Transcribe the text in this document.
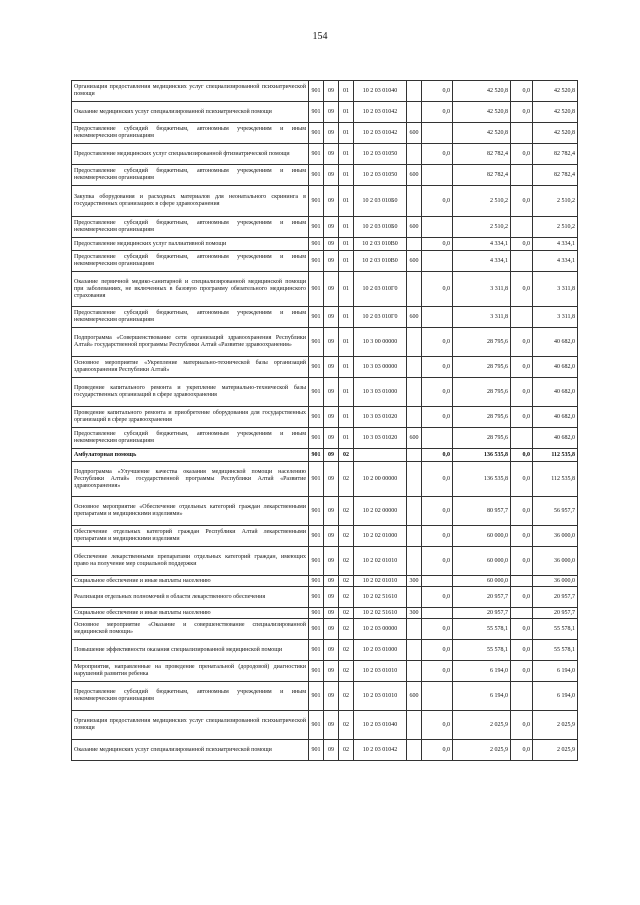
154
Организация предоставления медицинских услуг специализированной психиатрической помощи	901	09	01	10 2 03 01040		0,0	42 520,8	0,0	42 520,8
Оказание медицинских услуг специализированной психиатрической помощи	901	09	01	10 2 03 01042		0,0	42 520,8	0,0	42 520,8
Предоставление субсидий бюджетным, автономным учреждениям и иным некоммерческим организациям	901	09	01	10 2 03 01042	600		42 520,8		42 520,8
Предоставление медицинских услуг специализированной фтизиатрической помощи	901	09	01	10 2 03 01050		0,0	82 782,4	0,0	82 782,4
Предоставление субсидий бюджетным, автономным учреждениям и иным некоммерческим организациям	901	09	01	10 2 03 01050	600		82 782,4		82 782,4
Закупка оборудования и расходных материалов для неонатального скрининга в государственных организациях в сфере здравоохранения	901	09	01	10 2 03 010Б0		0,0	2 510,2	0,0	2 510,2
Предоставление субсидий бюджетным, автономным учреждениям и иным некоммерческим организациям	901	09	01	10 2 03 010Б0	600		2 510,2		2 510,2
Предоставление медицинских услуг паллиативной помощи	901	09	01	10 2 03 010В0		0,0	4 334,1	0,0	4 334,1
Предоставление субсидий бюджетным, автономным учреждениям и иным некоммерческим организациям	901	09	01	10 2 03 010В0	600		4 334,1		4 334,1
Оказание первичной медико-санитарной и специализированной медицинской помощи при заболеваниях, не включенных в базовую программу обязательного медицинского страхования	901	09	01	10 2 03 010Г0		0,0	3 311,8	0,0	3 311,8
Предоставление субсидий бюджетным, автономным учреждениям и иным некоммерческим организациям	901	09	01	10 2 03 010Г0	600		3 311,8		3 311,8
Подпрограмма «Совершенствование сети организаций здравоохранения Республики Алтай» государственной программы Республики Алтай «Развитие здравоохранения»	901	09	01	10 3 00 00000		0,0	28 795,6	0,0	40 682,0
Основное мероприятие «Укрепление материально-технической базы организаций здравоохранения Республики Алтай»	901	09	01	10 3 03 00000		0,0	28 795,6	0,0	40 682,0
Проведение капитального ремонта и укрепление материально-технической базы государственных организаций в сфере здравоохранения	901	09	01	10 3 03 01000		0,0	28 795,6	0,0	40 682,0
Проведение капитального ремонта и приобретение оборудования для государственных организаций в сфере здравоохранения	901	09	01	10 3 03 01020		0,0	28 795,6	0,0	40 682,0
Предоставление субсидий бюджетным, автономным учреждениям и иным некоммерческим организациям	901	09	01	10 3 03 01020	600		28 795,6		40 682,0
Амбулаторная помощь	901	09	02			0,0	136 535,8	0,0	112 535,8
Подпрограмма «Улучшение качества оказания медицинской помощи населению Республики Алтай» государственной программы Республики Алтай «Развитие здравоохранения»	901	09	02	10 2 00 00000		0,0	136 535,8	0,0	112 535,8
Основное мероприятие «Обеспечение отдельных категорий граждан лекарственными препаратами и медицинскими изделиями»	901	09	02	10 2 02 00000		0,0	80 957,7	0,0	56 957,7
Обеспечение отдельных категорий граждан Республики Алтай лекарственными препаратами и медицинскими изделиями	901	09	02	10 2 02 01000		0,0	60 000,0	0,0	36 000,0
Обеспечение лекарственными препаратами отдельных категорий граждан, имеющих право на получение мер социальной поддержки	901	09	02	10 2 02 01010		0,0	60 000,0	0,0	36 000,0
Социальное обеспечение и иные выплаты населению	901	09	02	10 2 02 01010	300		60 000,0		36 000,0
Реализация отдельных полномочий в области лекарственного обеспечения	901	09	02	10 2 02 51610		0,0	20 957,7	0,0	20 957,7
Социальное обеспечение и иные выплаты населению	901	09	02	10 2 02 51610	300		20 957,7		20 957,7
Основное мероприятие «Оказание и совершенствование специализированной медицинской помощи»	901	09	02	10 2 03 00000		0,0	55 578,1	0,0	55 578,1
Повышение эффективности оказания специализированной медицинской помощи	901	09	02	10 2 03 01000		0,0	55 578,1	0,0	55 578,1
Мероприятия, направленные на проведение пренатальной (дородовой) диагностики нарушений развития ребенка	901	09	02	10 2 03 01010		0,0	6 194,0	0,0	6 194,0
Предоставление субсидий бюджетным, автономным учреждениям и иным некоммерческим организациям	901	09	02	10 2 03 01010	600		6 194,0		6 194,0
Организация предоставления медицинских услуг специализированной психиатрической помощи	901	09	02	10 2 03 01040		0,0	2 025,9	0,0	2 025,9
Оказание медицинских услуг специализированной психиатрической помощи	901	09	02	10 2 03 01042		0,0	2 025,9	0,0	2 025,9
